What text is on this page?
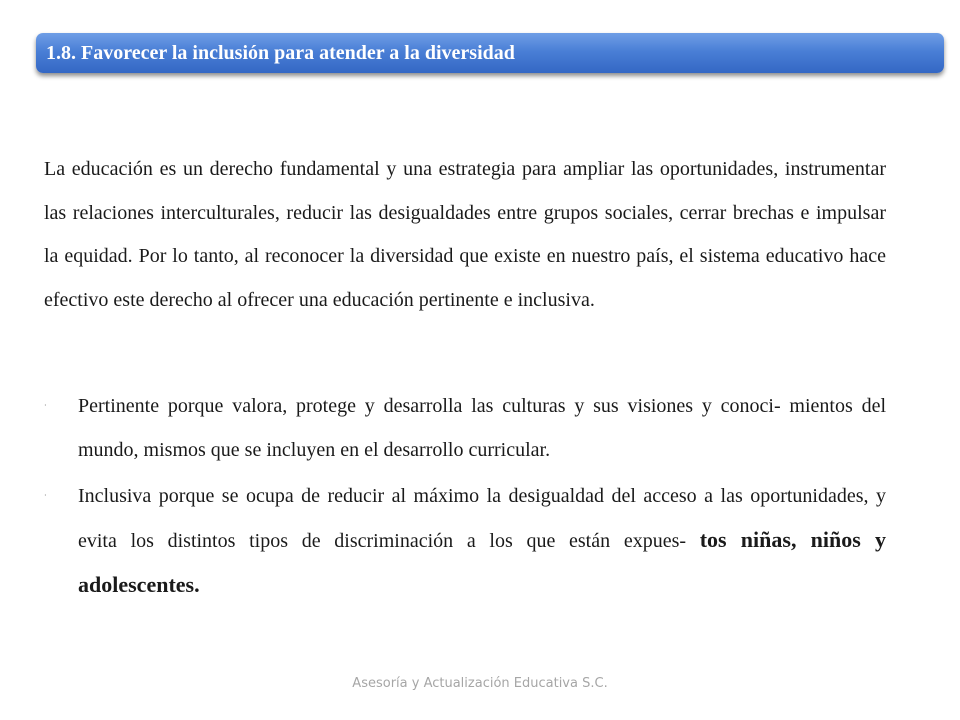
1.8. Favorecer la inclusión para atender a la diversidad

La educación es un derecho fundamental y una estrategia para ampliar las oportunidades, instrumentar las relaciones interculturales, reducir las desigualdades entre grupos sociales, cerrar brechas e impulsar la equidad. Por lo tanto, al reconocer la diversidad que existe en nuestro país, el sistema educativo hace efectivo este derecho al ofrecer una educación pertinente e inclusiva.

·	Pertinente porque valora, protege y desarrolla las culturas y sus visiones y conoci- mientos del mundo, mismos que se incluyen en el desarrollo curricular.
·	Inclusiva porque se ocupa de reducir al máximo la desigualdad del acceso a las oportunidades, y evita los distintos tipos de discriminación a los que están expues- tos niñas, niños y adolescentes.
Asesoría y Actualización Educativa S.C.
